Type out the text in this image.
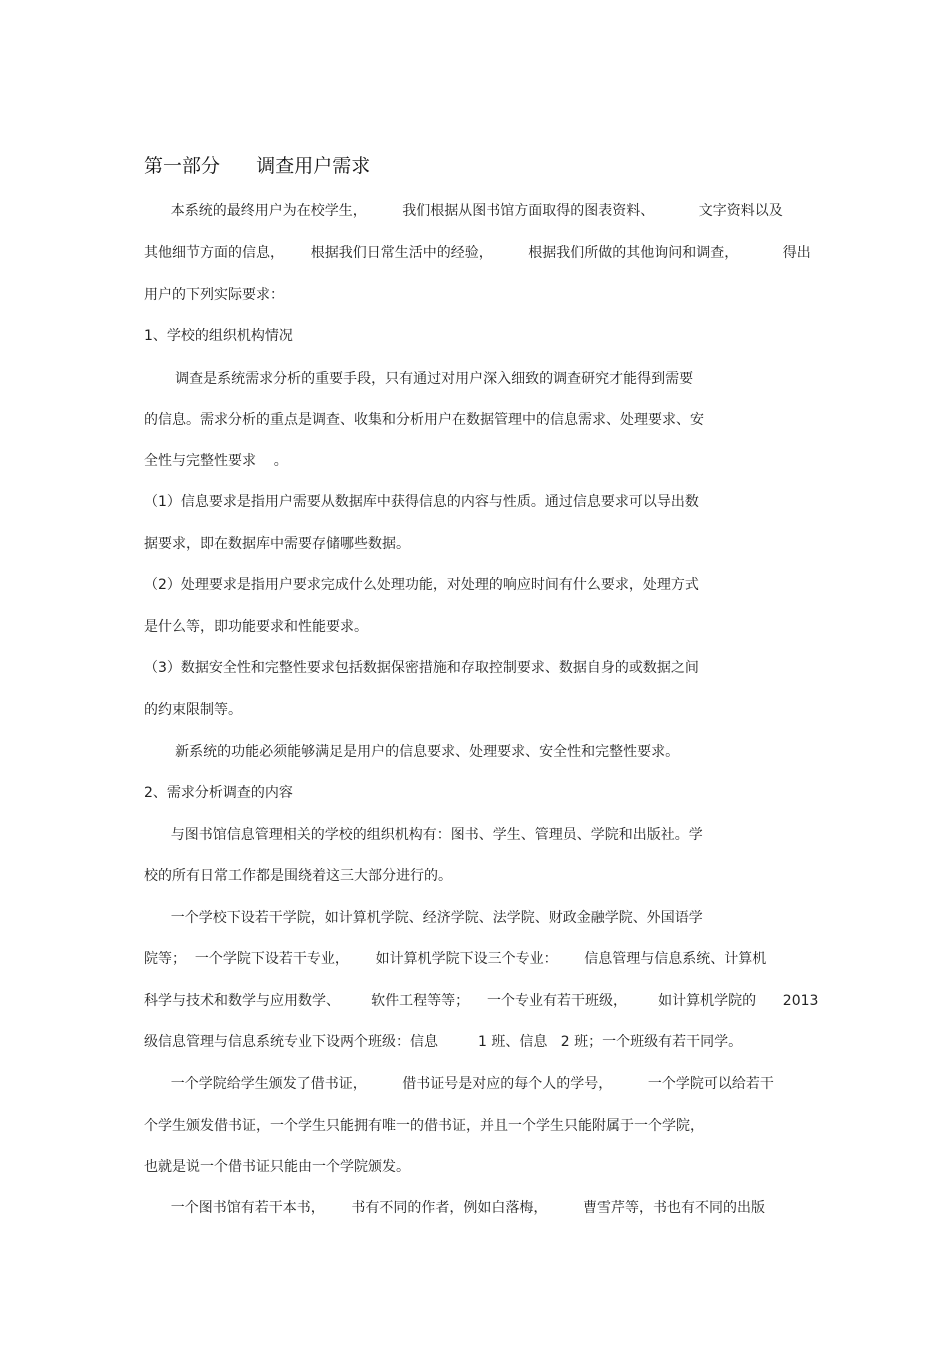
第一部分      调查用户需求
本系统的最终用户为在校学生，        我们根据从图书馆方面取得的图表资料、          文字资料以及
其他细节方面的信息，      根据我们日常生活中的经验，        根据我们所做的其他询问和调查，          得出
用户的下列实际要求：
1、学校的组织机构情况
调查是系统需求分析的重要手段，只有通过对用户深入细致的调查研究才能得到需要
的信息。需求分析的重点是调查、收集和分析用户在数据管理中的信息需求、处理要求、安
全性与完整性要求    。
（1）信息要求是指用户需要从数据库中获得信息的内容与性质。通过信息要求可以导出数
据要求，即在数据库中需要存储哪些数据。
（2）处理要求是指用户要求完成什么处理功能，对处理的响应时间有什么要求，处理方式
是什么等，即功能要求和性能要求。
（3）数据安全性和完整性要求包括数据保密措施和存取控制要求、数据自身的或数据之间
的约束限制等。
新系统的功能必须能够满足是用户的信息要求、处理要求、安全性和完整性要求。
2、需求分析调查的内容
与图书馆信息管理相关的学校的组织机构有：图书、学生、管理员、学院和出版社。学
校的所有日常工作都是围绕着这三大部分进行的。
一个学校下设若干学院，如计算机学院、经济学院、法学院、财政金融学院、外国语学
院等；  一个学院下设若干专业，      如计算机学院下设三个专业：      信息管理与信息系统、计算机
科学与技术和数学与应用数学、       软件工程等等；    一个专业有若干班级，       如计算机学院的      2013
级信息管理与信息系统专业下设两个班级：信息         1 班、信息   2 班；一个班级有若干同学。
一个学院给学生颁发了借书证，        借书证号是对应的每个人的学号，        一个学院可以给若干
个学生颁发借书证，一个学生只能拥有唯一的借书证，并且一个学生只能附属于一个学院，
也就是说一个借书证只能由一个学院颁发。
一个图书馆有若干本书，      书有不同的作者，例如白落梅，        曹雪芹等，书也有不同的出版
